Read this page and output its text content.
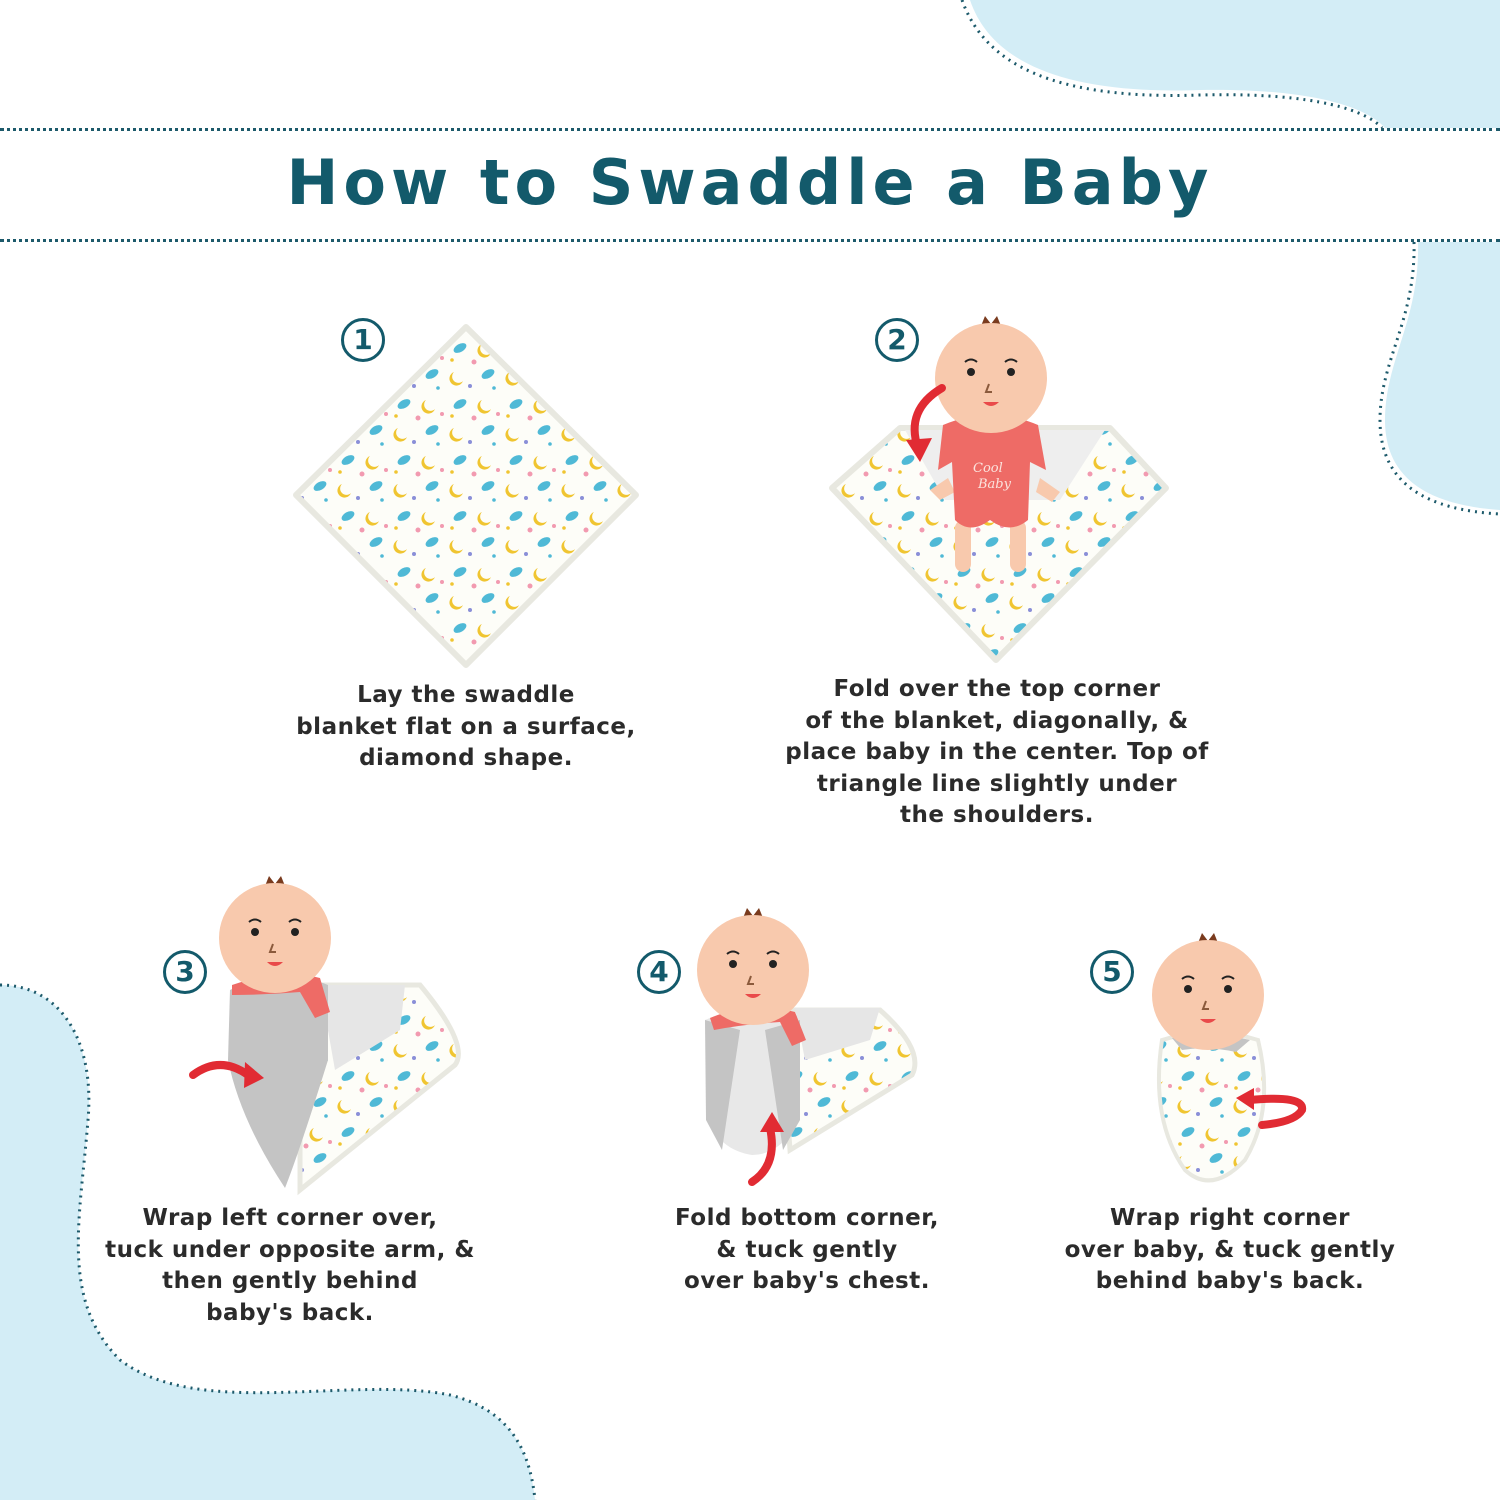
How to Swaddle a Baby
Cool
Baby
1	2
3	4	5
Lay the swaddle
blanket flat on a surface,
diamond shape.
Fold over the top corner
of the blanket, diagonally, &
place baby in the center. Top of
triangle line slightly under
the shoulders.
Wrap left corner over,
tuck under opposite arm, &
then gently behind
baby's back.
Fold bottom corner,
& tuck gently
over baby's chest.
Wrap right corner
over baby, & tuck gently
behind baby's back.
